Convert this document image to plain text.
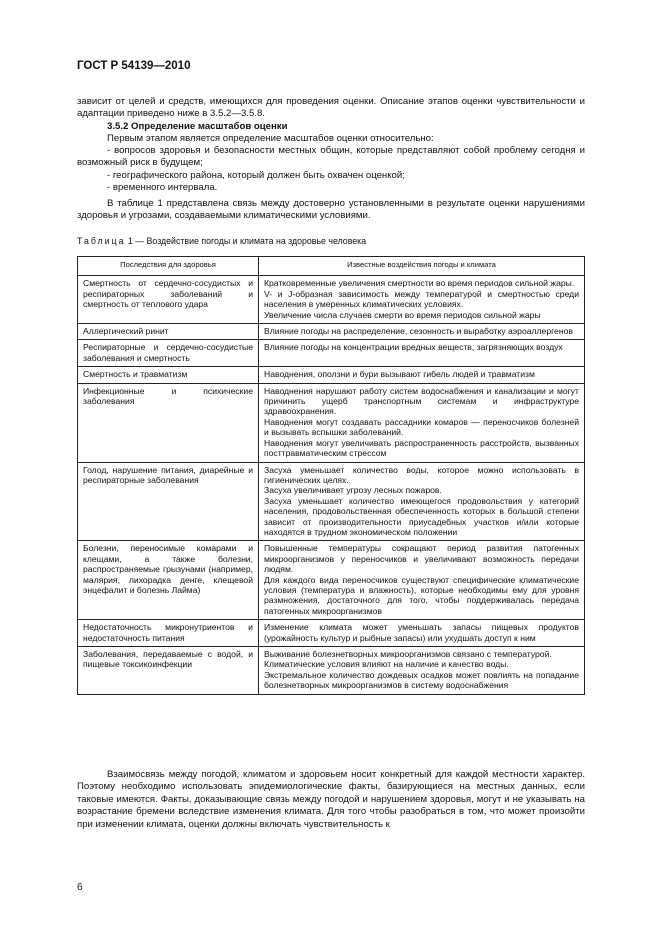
ГОСТ Р 54139—2010
зависит от целей и средств, имеющихся для проведения оценки. Описание этапов оценки чувствительности и адаптации приведено ниже в 3.5.2—3.5.8.
3.5.2 Определение масштабов оценки
Первым этапом является определение масштабов оценки относительно:
- вопросов здоровья и безопасности местных общин, которые представляют собой проблему сегодня и возможный риск в будущем;
- географического района, который должен быть охвачен оценкой;
- временного интервала.
В таблице 1 представлена связь между достоверно установленными в результате оценки нарушениями здоровья и угрозами, создаваемыми климатическими условиями.
Таблица 1 — Воздействие погоды и климата на здоровье человека
Последствия для здоровья	Известные воздействия погоды и климата
Смертность от сердечно-сосудистых и респираторных заболеваний и смертность от теплового удара	Кратковременные увеличения смертности во время периодов сильной жары.
V- и J-образная зависимость между температурой и смертностью среди населения в умеренных климатических условиях.
Увеличение числа случаев смерти во время периодов сильной жары

Аллергический ринит	Влияние погоды на распределение, сезонность и выработку аэроаллергенов

Респираторные и сердечно-сосудистые заболевания и смертность	Влияние погоды на концентрации вредных веществ, загрязняющих воздух

Смертность и травматизм	Наводнения, оползни и бури вызывают гибель людей и травматизм

Инфекционные и психические заболевания	Наводнения нарушают работу систем водоснабжения и канализации и могут причинить ущерб транспортным системам и инфраструктуре здравоохранения.
Наводнения могут создавать рассадники комаров — переносчиков болезней и вызывать вспышки заболеваний.
Наводнения могут увеличивать распространенность расстройств, вызванных посттравматическим стрессом

Голод, нарушение питания, диарейные и респираторные заболевания	Засуха уменьшает количество воды, которое можно использовать в гигиенических целях.
Засуха увеличивает угрозу лесных пожаров.
Засуха уменьшает количество имеющегося продовольствия у категорий населения, продовольственная обеспеченность которых в большой степени зависит от производительности приусадебных участков и/или которые находятся в трудном экономическом положении

Болезни, переносимые комарами и клещами, а также болезни, распространяемые грызунами (например, малярия, лихорадка денге, клещевой энцефалит и болезнь Лайма)	Повышенные температуры сокращают период развития патогенных микроорганизмов у переносчиков и увеличивают возможность передачи людям.
Для каждого вида переносчиков существуют специфические климатические условия (температура и влажность), которые необходимы ему для уровня размножения, достаточного для того, чтобы поддерживалась передача патогенных микроорганизмов

Недостаточность микронутриентов и недостаточность питания	Изменение климата может уменьшать запасы пищевых продуктов (урожайность культур и рыбные запасы) или ухудшать доступ к ним

Заболевания, передаваемые с водой, и пищевые токсикоинфекции	Выживание болезнетворных микроорганизмов связано с температурой.
Климатические условия влияют на наличие и качество воды.
Экстремальное количество дождевых осадков может повлиять на попадание болезнетворных микроорганизмов в систему водоснабжения
Взаимосвязь между погодой, климатом и здоровьем носит конкретный для каждой местности характер. Поэтому необходимо использовать эпидемиологические факты, базирующиеся на местных данных, если таковые имеются. Факты, доказывающие связь между погодой и нарушением здоровья, могут и не указывать на возрастание бремени вследствие изменения климата. Для того чтобы разобраться в том, что может произойти при изменении климата, оценки должны включать чувствительность к
6
